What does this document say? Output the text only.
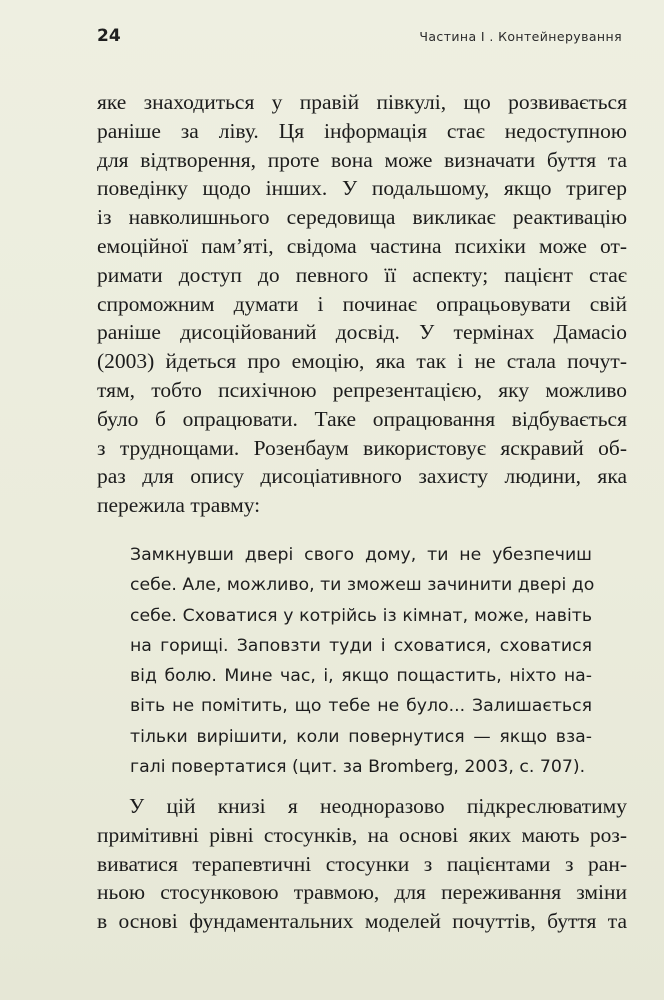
24	Частина І . Контейнерування
яке знаходиться у правій півкулі, що розвивається
раніше за ліву. Ця інформація стає недоступною
для відтворення, проте вона може визначати буття та
поведінку щодо інших. У подальшому, якщо тригер
із навколишнього середовища викликає реактивацію
емоційної пам’яті, свідома частина психіки може от-
римати доступ до певного її аспекту; пацієнт стає
спроможним думати і починає опрацьовувати свій
раніше дисоційований досвід. У термінах Дамасіо
(2003) йдеться про емоцію, яка так і не стала почут-
тям, тобто психічною репрезентацією, яку можливо
було б опрацювати. Таке опрацювання відбувається
з труднощами. Розенбаум використовує яскравий об-
раз для опису дисоціативного захисту людини, яка
пережила травму:
Замкнувши двері свого дому, ти не убезпечиш
себе. Але, можливо, ти зможеш зачинити двері до
себе. Сховатися у котрійсь із кімнат, може, навіть
на горищі. Заповзти туди і сховатися, сховатися
від болю. Мине час, і, якщо пощастить, ніхто на-
віть не помітить, що тебе не було... Залишається
тільки вирішити, коли повернутися — якщо вза-
галі повертатися (цит. за Bromberg, 2003, с. 707).
У цій книзі я неодноразово підкреслюватиму
примітивні рівні стосунків, на основі яких мають роз-
виватися терапевтичні стосунки з пацієнтами з ран-
ньою стосунковою травмою, для переживання зміни
в основі фундаментальних моделей почуттів, буття та
